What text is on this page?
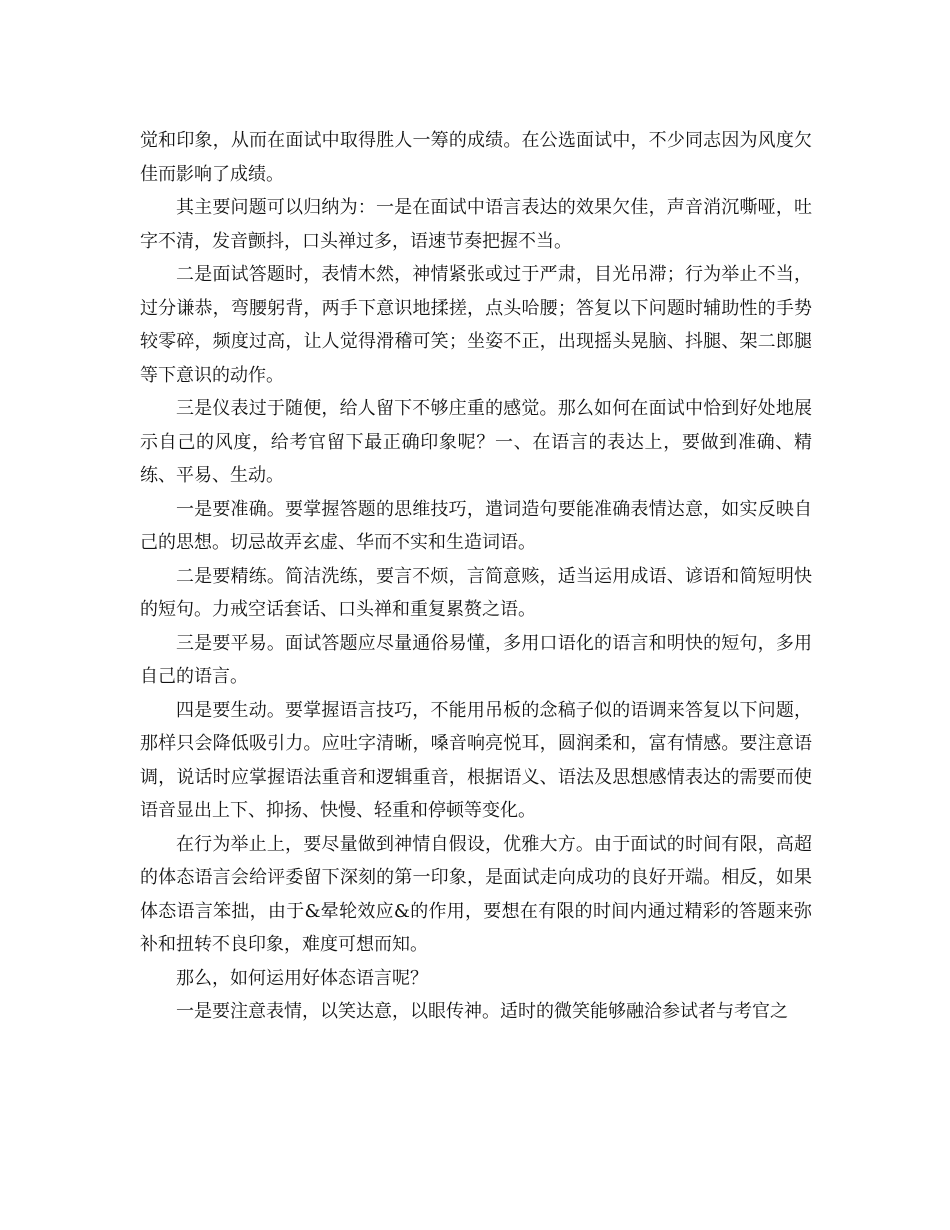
觉和印象，从而在面试中取得胜人一筹的成绩。在公选面试中，不少同志因为风度欠佳而影响了成绩。

其主要问题可以归纳为：一是在面试中语言表达的效果欠佳，声音消沉嘶哑，吐字不清，发音颤抖，口头禅过多，语速节奏把握不当。

二是面试答题时，表情木然，神情紧张或过于严肃，目光吊滞；行为举止不当，过分谦恭，弯腰躬背，两手下意识地揉搓，点头哈腰；答复以下问题时辅助性的手势较零碎，频度过高，让人觉得滑稽可笑；坐姿不正，出现摇头晃脑、抖腿、架二郎腿等下意识的动作。

三是仪表过于随便，给人留下不够庄重的感觉。那么如何在面试中恰到好处地展示自己的风度，给考官留下最正确印象呢？一、在语言的表达上，要做到准确、精练、平易、生动。

一是要准确。要掌握答题的思维技巧，遣词造句要能准确表情达意，如实反映自己的思想。切忌故弄玄虚、华而不实和生造词语。

二是要精练。简洁洗练，要言不烦，言简意赅，适当运用成语、谚语和简短明快的短句。力戒空话套话、口头禅和重复累赘之语。

三是要平易。面试答题应尽量通俗易懂，多用口语化的语言和明快的短句，多用自己的语言。

四是要生动。要掌握语言技巧，不能用吊板的念稿子似的语调来答复以下问题，那样只会降低吸引力。应吐字清晰，嗓音响亮悦耳，圆润柔和，富有情感。要注意语调，说话时应掌握语法重音和逻辑重音，根据语义、语法及思想感情表达的需要而使语音显出上下、抑扬、快慢、轻重和停顿等变化。

在行为举止上，要尽量做到神情自假设，优雅大方。由于面试的时间有限，高超的体态语言会给评委留下深刻的第一印象，是面试走向成功的良好开端。相反，如果体态语言笨拙，由于&晕轮效应&的作用，要想在有限的时间内通过精彩的答题来弥补和扭转不良印象，难度可想而知。

那么，如何运用好体态语言呢？

一是要注意表情，以笑达意，以眼传神。适时的微笑能够融洽参试者与考官之
